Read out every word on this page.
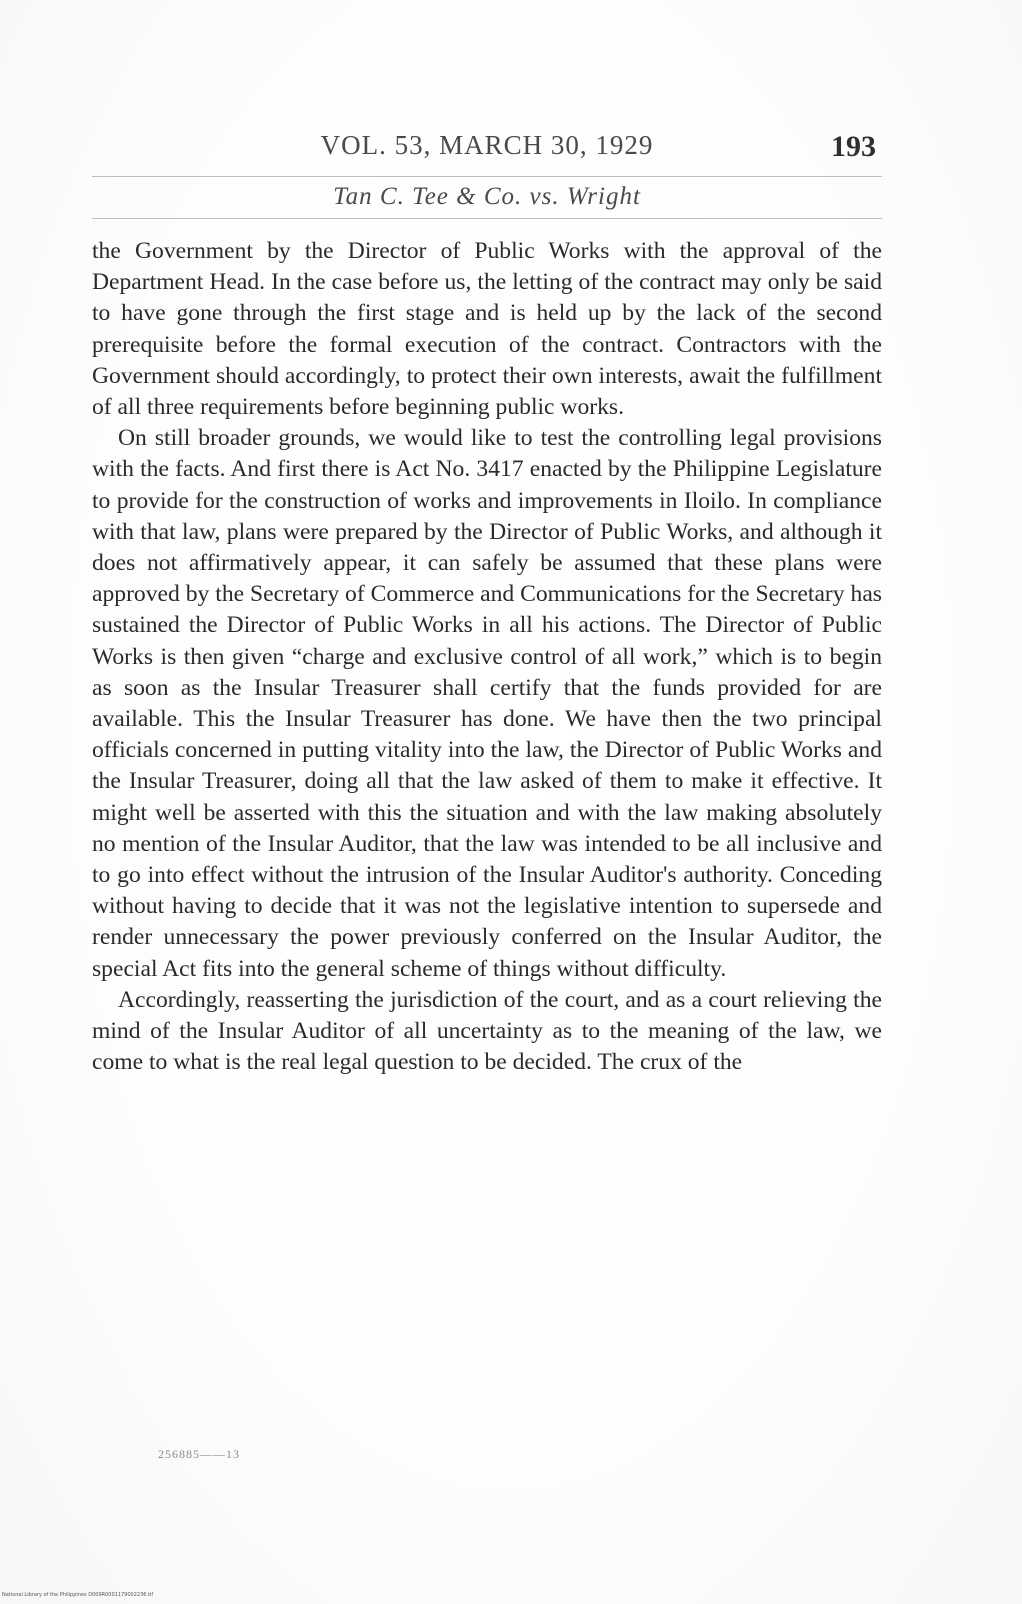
VOL. 53, MARCH 30, 1929	193
Tan C. Tee & Co. vs. Wright

the Government by the Director of Public Works with the approval of the Department Head. In the case before us, the letting of the contract may only be said to have gone through the first stage and is held up by the lack of the second prerequisite before the formal execution of the contract. Contractors with the Government should accordingly, to protect their own interests, await the fulfillment of all three requirements before beginning public works.

On still broader grounds, we would like to test the controlling legal provisions with the facts. And first there is Act No. 3417 enacted by the Philippine Legislature to provide for the construction of works and improvements in Iloilo. In compliance with that law, plans were prepared by the Director of Public Works, and although it does not affirmatively appear, it can safely be assumed that these plans were approved by the Secretary of Commerce and Communications for the Secretary has sustained the Director of Public Works in all his actions. The Director of Public Works is then given “charge and exclusive control of all work,” which is to begin as soon as the Insular Treasurer shall certify that the funds provided for are available. This the Insular Treasurer has done. We have then the two principal officials concerned in putting vitality into the law, the Director of Public Works and the Insular Treasurer, doing all that the law asked of them to make it effective. It might well be asserted with this the situation and with the law making absolutely no mention of the Insular Auditor, that the law was intended to be all inclusive and to go into effect without the intrusion of the Insular Auditor's authority. Conceding without having to decide that it was not the legislative intention to supersede and render unnecessary the power previously conferred on the Insular Auditor, the special Act fits into the general scheme of things without difficulty.

Accordingly, reasserting the jurisdiction of the court, and as a court relieving the mind of the Insular Auditor of all uncertainty as to the meaning of the law, we come to what is the real legal question to be decided. The crux of the

256885——13
National Library of the Philippines D009R0001179002236.tif
